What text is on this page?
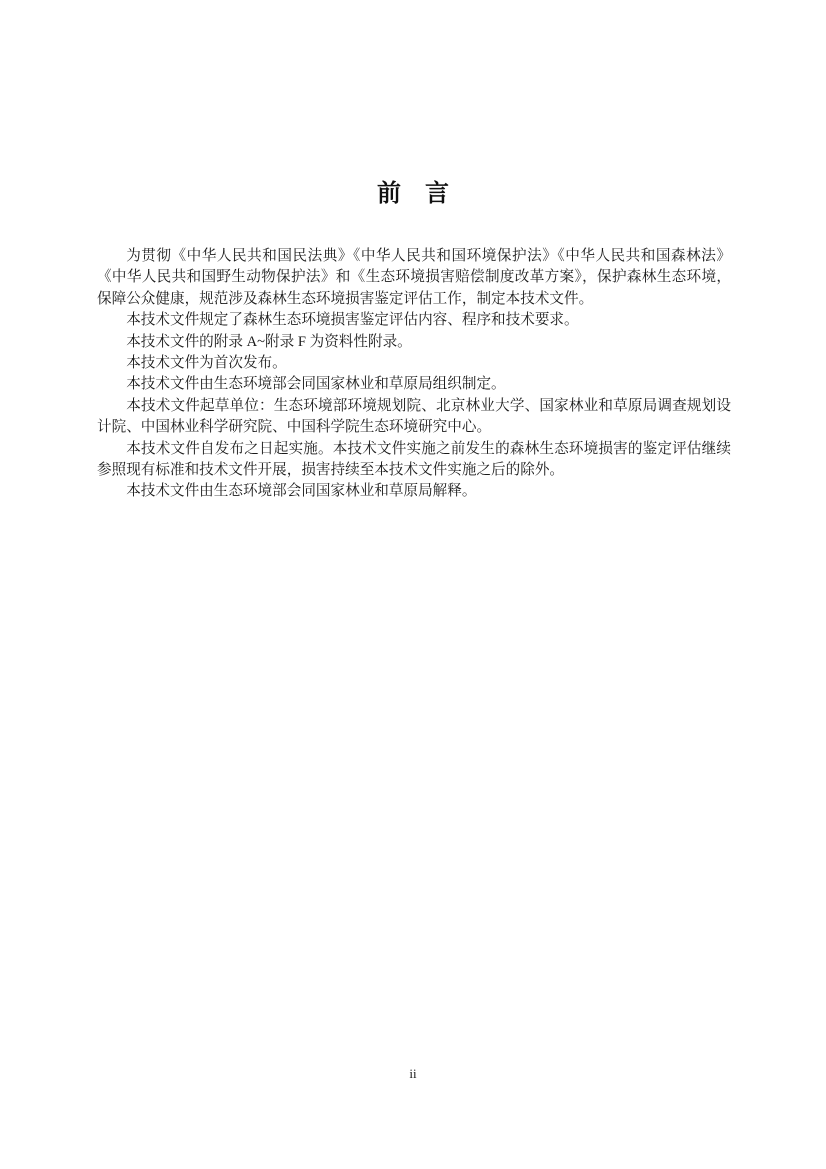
前　言

为贯彻《中华人民共和国民法典》《中华人民共和国环境保护法》《中华人民共和国森林法》《中华人民共和国野生动物保护法》和《生态环境损害赔偿制度改革方案》，保护森林生态环境，保障公众健康，规范涉及森林生态环境损害鉴定评估工作，制定本技术文件。

本技术文件规定了森林生态环境损害鉴定评估内容、程序和技术要求。

本技术文件的附录 A~附录 F 为资料性附录。

本技术文件为首次发布。

本技术文件由生态环境部会同国家林业和草原局组织制定。

本技术文件起草单位：生态环境部环境规划院、北京林业大学、国家林业和草原局调查规划设计院、中国林业科学研究院、中国科学院生态环境研究中心。

本技术文件自发布之日起实施。本技术文件实施之前发生的森林生态环境损害的鉴定评估继续参照现有标准和技术文件开展，损害持续至本技术文件实施之后的除外。

本技术文件由生态环境部会同国家林业和草原局解释。

ii
